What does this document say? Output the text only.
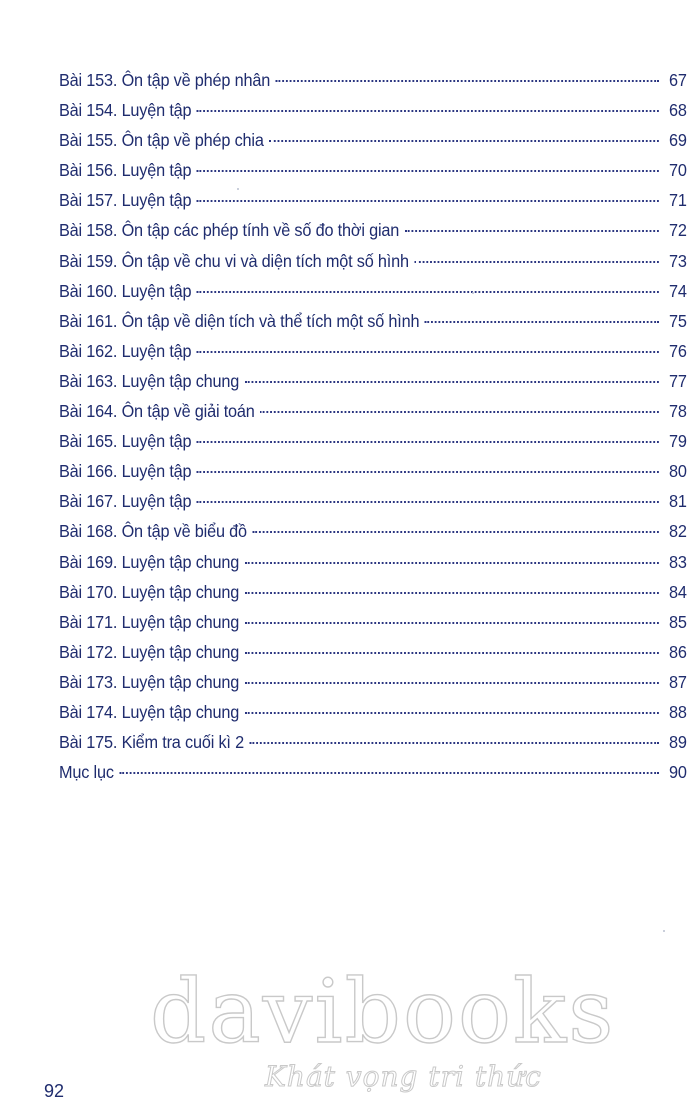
Bài 153. Ôn tập về phép nhân	67
Bài 154. Luyện tập	68
Bài 155. Ôn tập về phép chia	69
Bài 156. Luyện tập	70
Bài 157. Luyện tập	71
Bài 158. Ôn tập các phép tính về số đo thời gian	72
Bài 159. Ôn tập về chu vi và diện tích một số hình	73
Bài 160. Luyện tập	74
Bài 161. Ôn tập về diện tích và thể tích một số hình	75
Bài 162. Luyện tập	76
Bài 163. Luyện tập chung	77
Bài 164. Ôn tập về giải toán	78
Bài 165. Luyện tập	79
Bài 166. Luyện tập	80
Bài 167. Luyện tập	81
Bài 168. Ôn tập về biểu đồ	82
Bài 169. Luyện tập chung	83
Bài 170. Luyện tập chung	84
Bài 171. Luyện tập chung	85
Bài 172. Luyện tập chung	86
Bài 173. Luyện tập chung	87
Bài 174. Luyện tập chung	88
Bài 175. Kiểm tra cuối kì 2	89
Mục lục	90
92
davibooks
Khát vọng tri thức
